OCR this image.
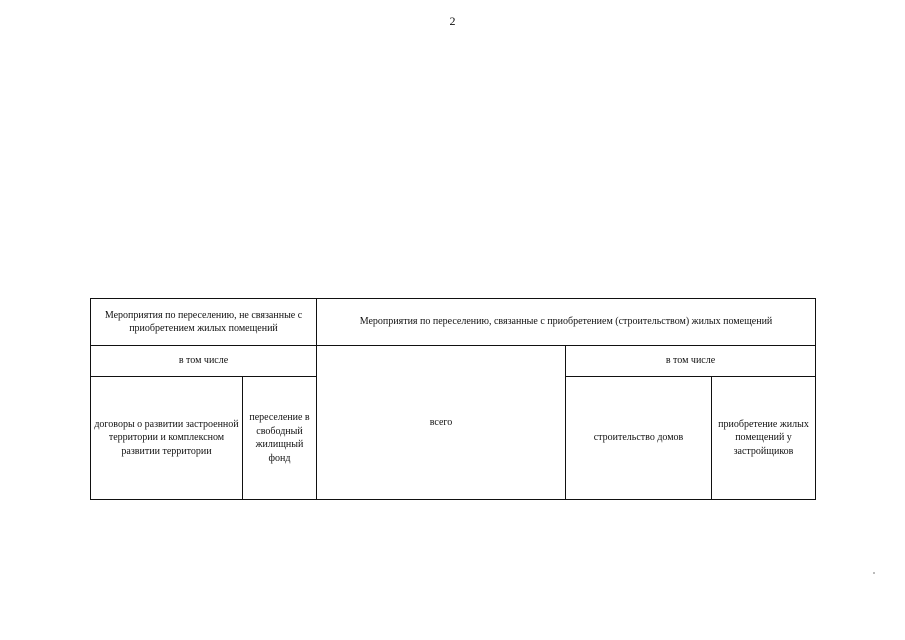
2
Мероприятия по переселению, не связанные с приобретением жилых помещений		Мероприятия по переселению, связанные с приобретением (строительством) жилых помещений		
в том числе		всего	в том числе	
договоры о развитии застроенной территории и комплексном развитии территории	переселение в свободный жилищный фонд		строительство домов	приобретение жилых помещений у застройщиков
